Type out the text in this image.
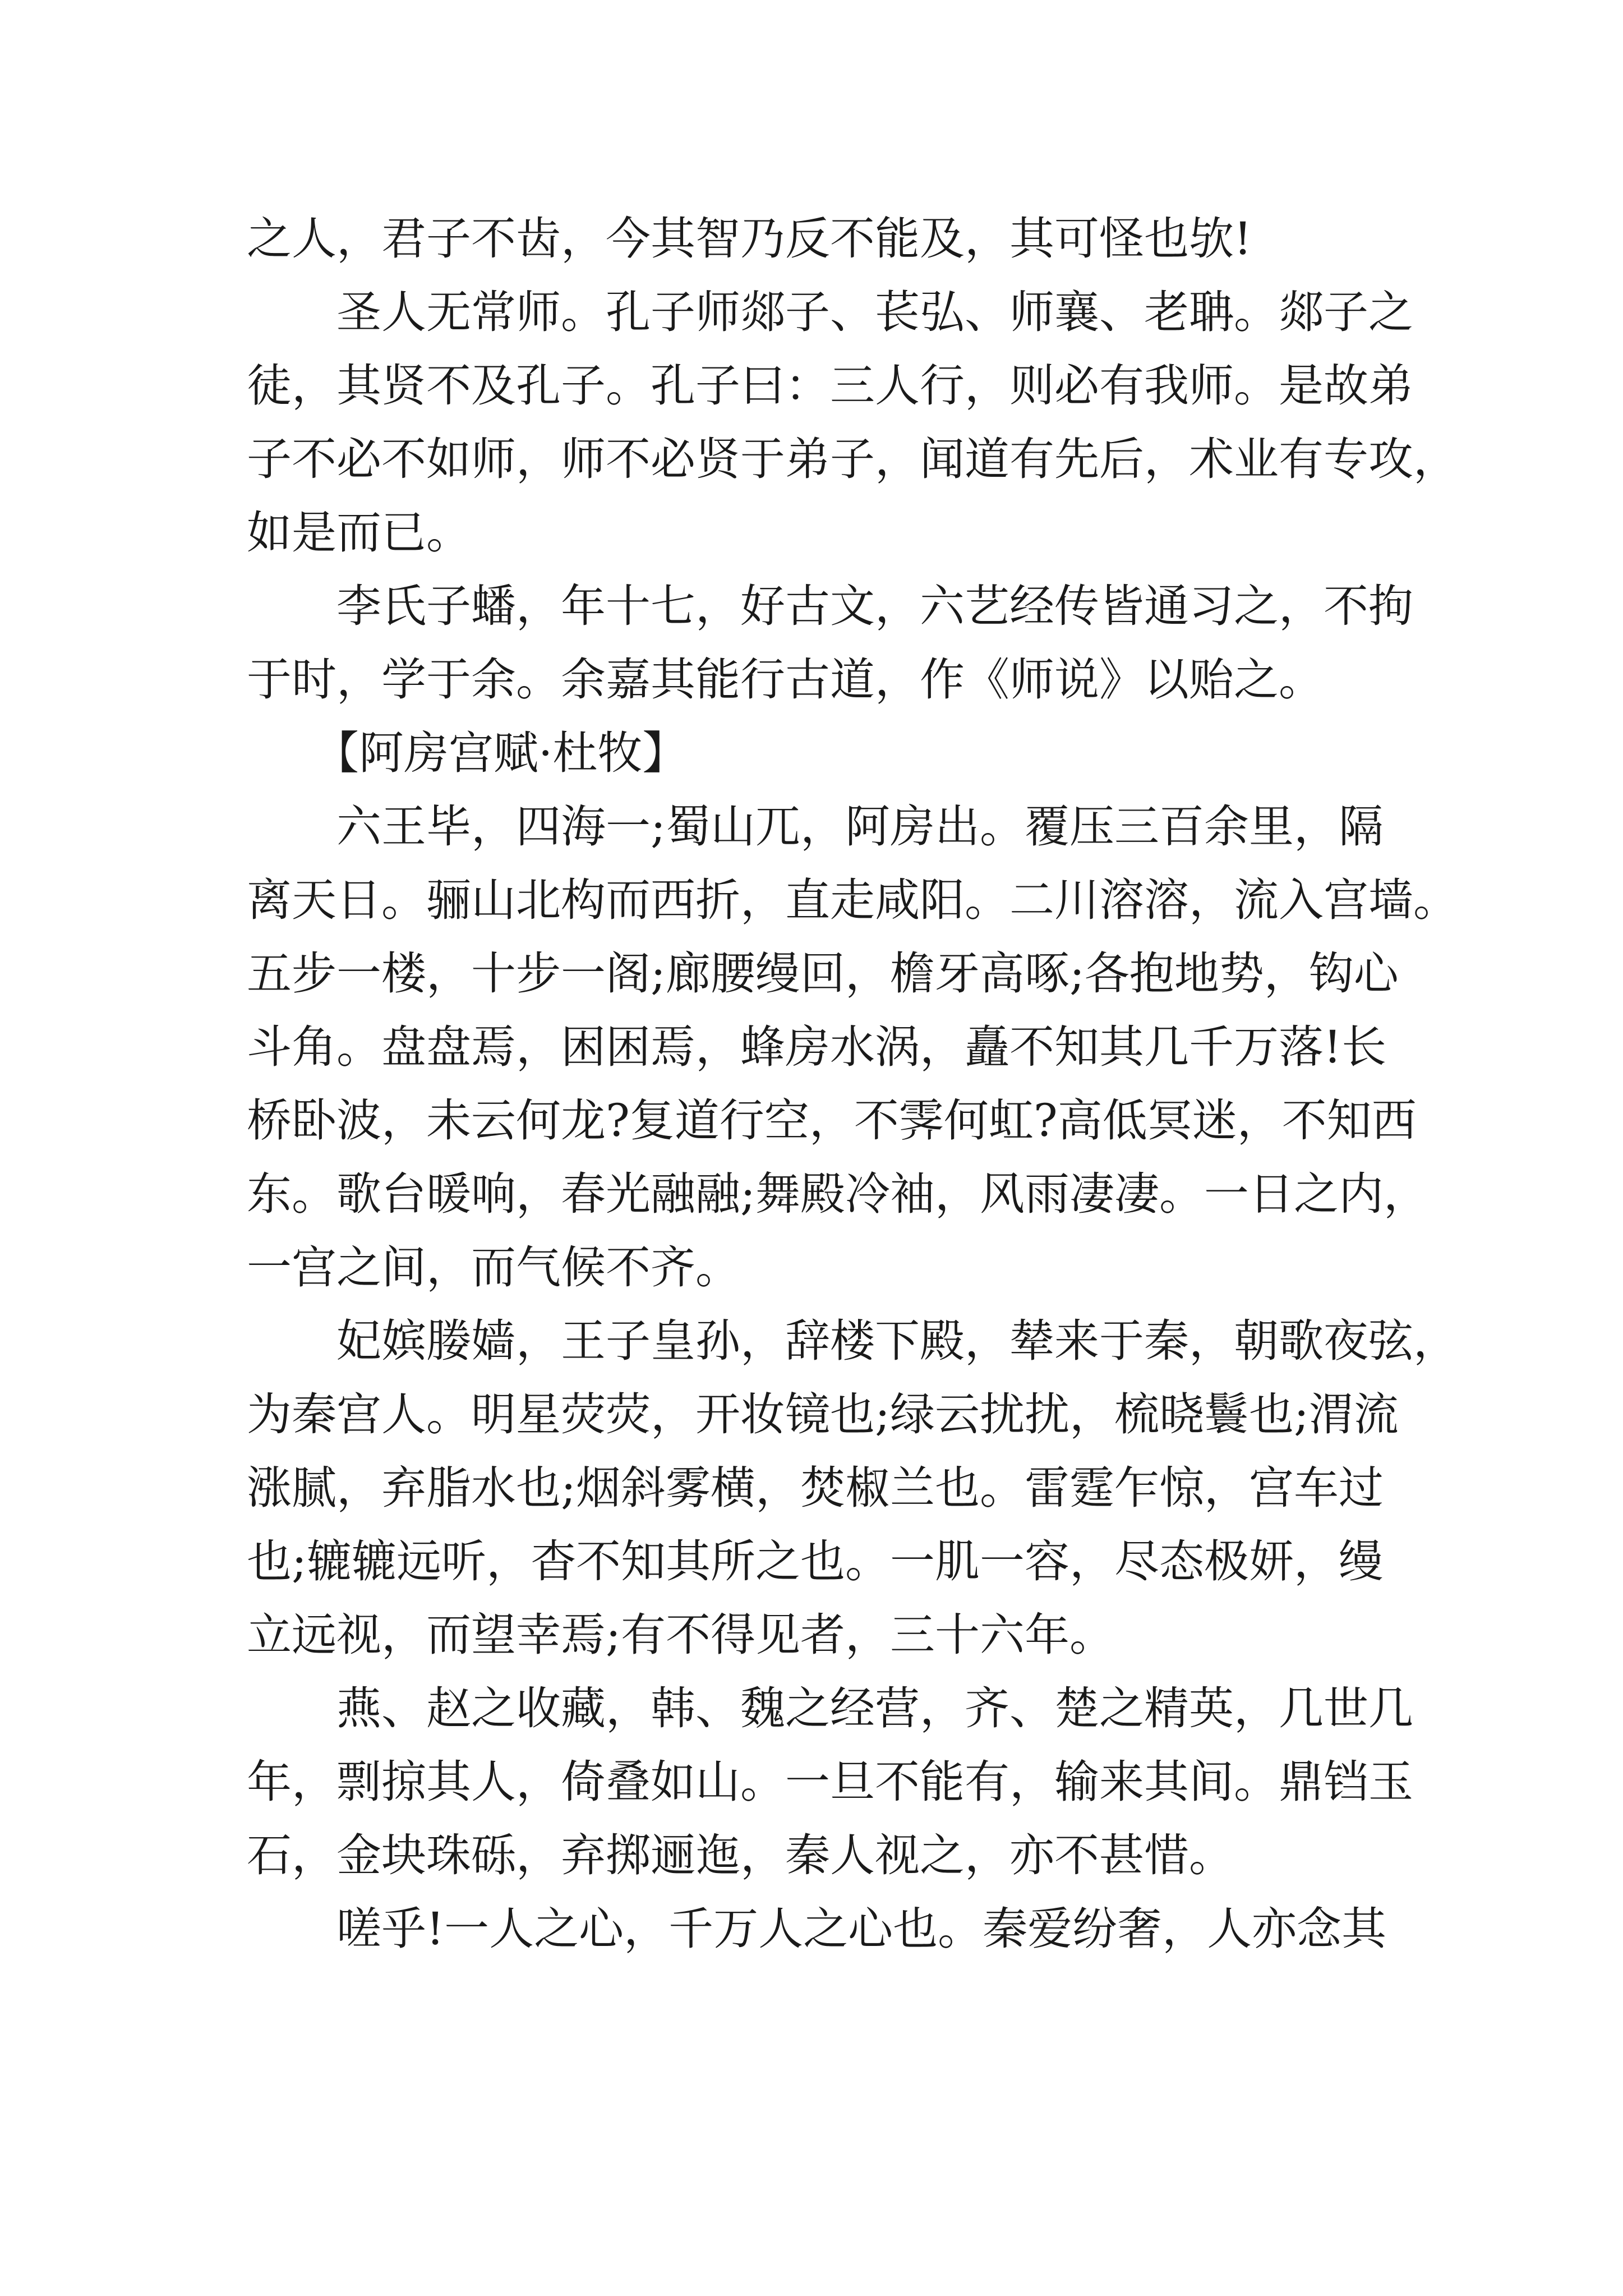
之人，君子不齿，今其智乃反不能及，其可怪也欤!
　　圣人无常师。孔子师郯子、苌弘、师襄、老聃。郯子之
徒，其贤不及孔子。孔子曰：三人行，则必有我师。是故弟
子不必不如师，师不必贤于弟子，闻道有先后，术业有专攻，
如是而已。
　　李氏子蟠，年十七，好古文，六艺经传皆通习之，不拘
于时，学于余。余嘉其能行古道，作《师说》以贻之。
　　【阿房宫赋·杜牧】
　　六王毕，四海一;蜀山兀，阿房出。覆压三百余里，隔
离天日。骊山北构而西折，直走咸阳。二川溶溶，流入宫墙。
五步一楼，十步一阁;廊腰缦回，檐牙高啄;各抱地势，钩心
斗角。盘盘焉，困困焉，蜂房水涡，矗不知其几千万落!长
桥卧波，未云何龙?复道行空，不霁何虹?高低冥迷，不知西
东。歌台暖响，春光融融;舞殿冷袖，风雨凄凄。一日之内，
一宫之间，而气候不齐。
　　妃嫔媵嫱，王子皇孙，辞楼下殿，辇来于秦，朝歌夜弦，
为秦宫人。明星荧荧，开妆镜也;绿云扰扰，梳晓鬟也;渭流
涨腻，弃脂水也;烟斜雾横，焚椒兰也。雷霆乍惊，宫车过
也;辘辘远听，杳不知其所之也。一肌一容，尽态极妍，缦
立远视，而望幸焉;有不得见者，三十六年。
　　燕、赵之收藏，韩、魏之经营，齐、楚之精英，几世几
年，剽掠其人，倚叠如山。一旦不能有，输来其间。鼎铛玉
石，金块珠砾，弃掷逦迤，秦人视之，亦不甚惜。
　　嗟乎!一人之心，千万人之心也。秦爱纷奢，人亦念其
